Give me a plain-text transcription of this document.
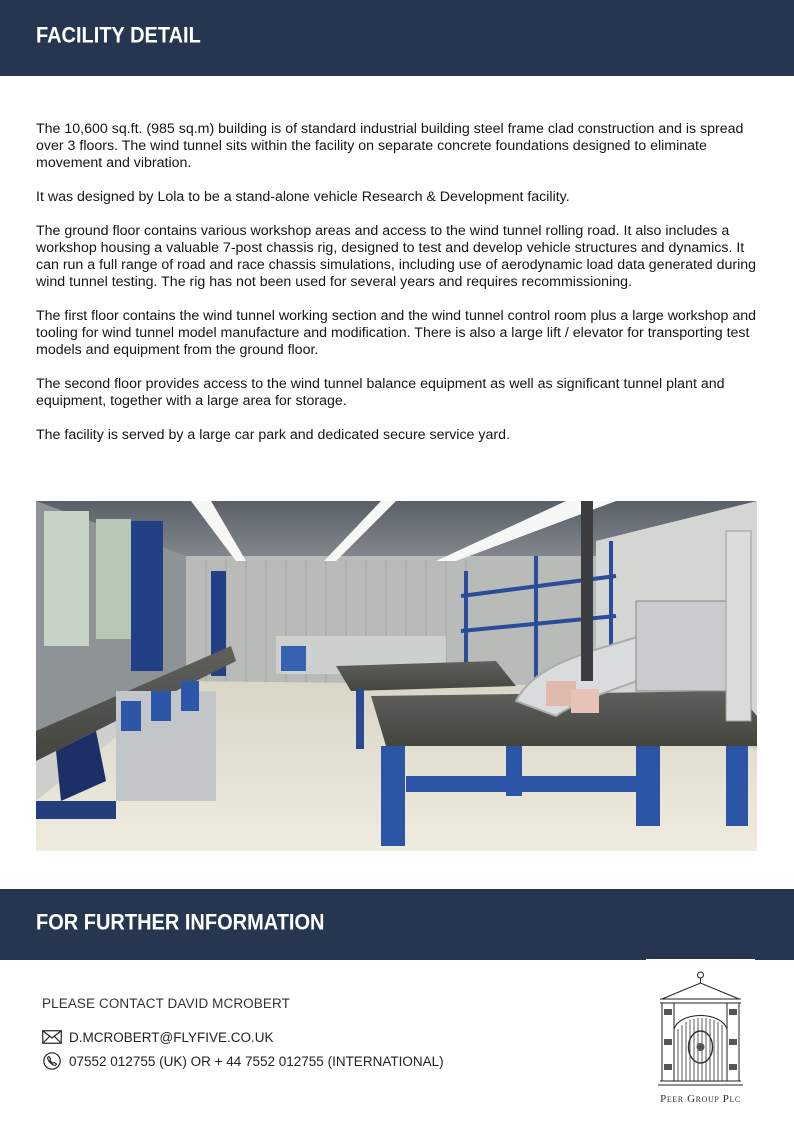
FACILITY DETAIL

The 10,600 sq.ft. (985 sq.m) building is of standard industrial building steel frame clad construction and is spread over 3 floors. The wind tunnel sits within the facility on separate concrete foundations designed to eliminate movement and vibration.

It was designed by Lola to be a stand-alone vehicle Research & Development facility.

The ground floor contains various workshop areas and access to the wind tunnel rolling road. It also includes a workshop housing a valuable 7-post chassis rig, designed to test and develop vehicle structures and dynamics. It can run a full range of road and race chassis simulations, including use of aerodynamic load data generated during wind tunnel testing. The rig has not been used for several years and requires recommissioning.

The first floor contains the wind tunnel working section and the wind tunnel control room plus a large workshop and tooling for wind tunnel model manufacture and modification. There is also a large lift / elevator for transporting test models and equipment from the ground floor.

The second floor provides access to the wind tunnel balance equipment as well as significant tunnel plant and equipment, together with a large area for storage.

The facility is served by a large car park and dedicated secure service yard.

FOR FURTHER INFORMATION
PLEASE CONTACT DAVID MCROBERT
D.MCROBERT@FLYFIVE.CO.UK
07552 012755 (UK) OR + 44 7552 012755 (INTERNATIONAL)
Peer Group Plc
